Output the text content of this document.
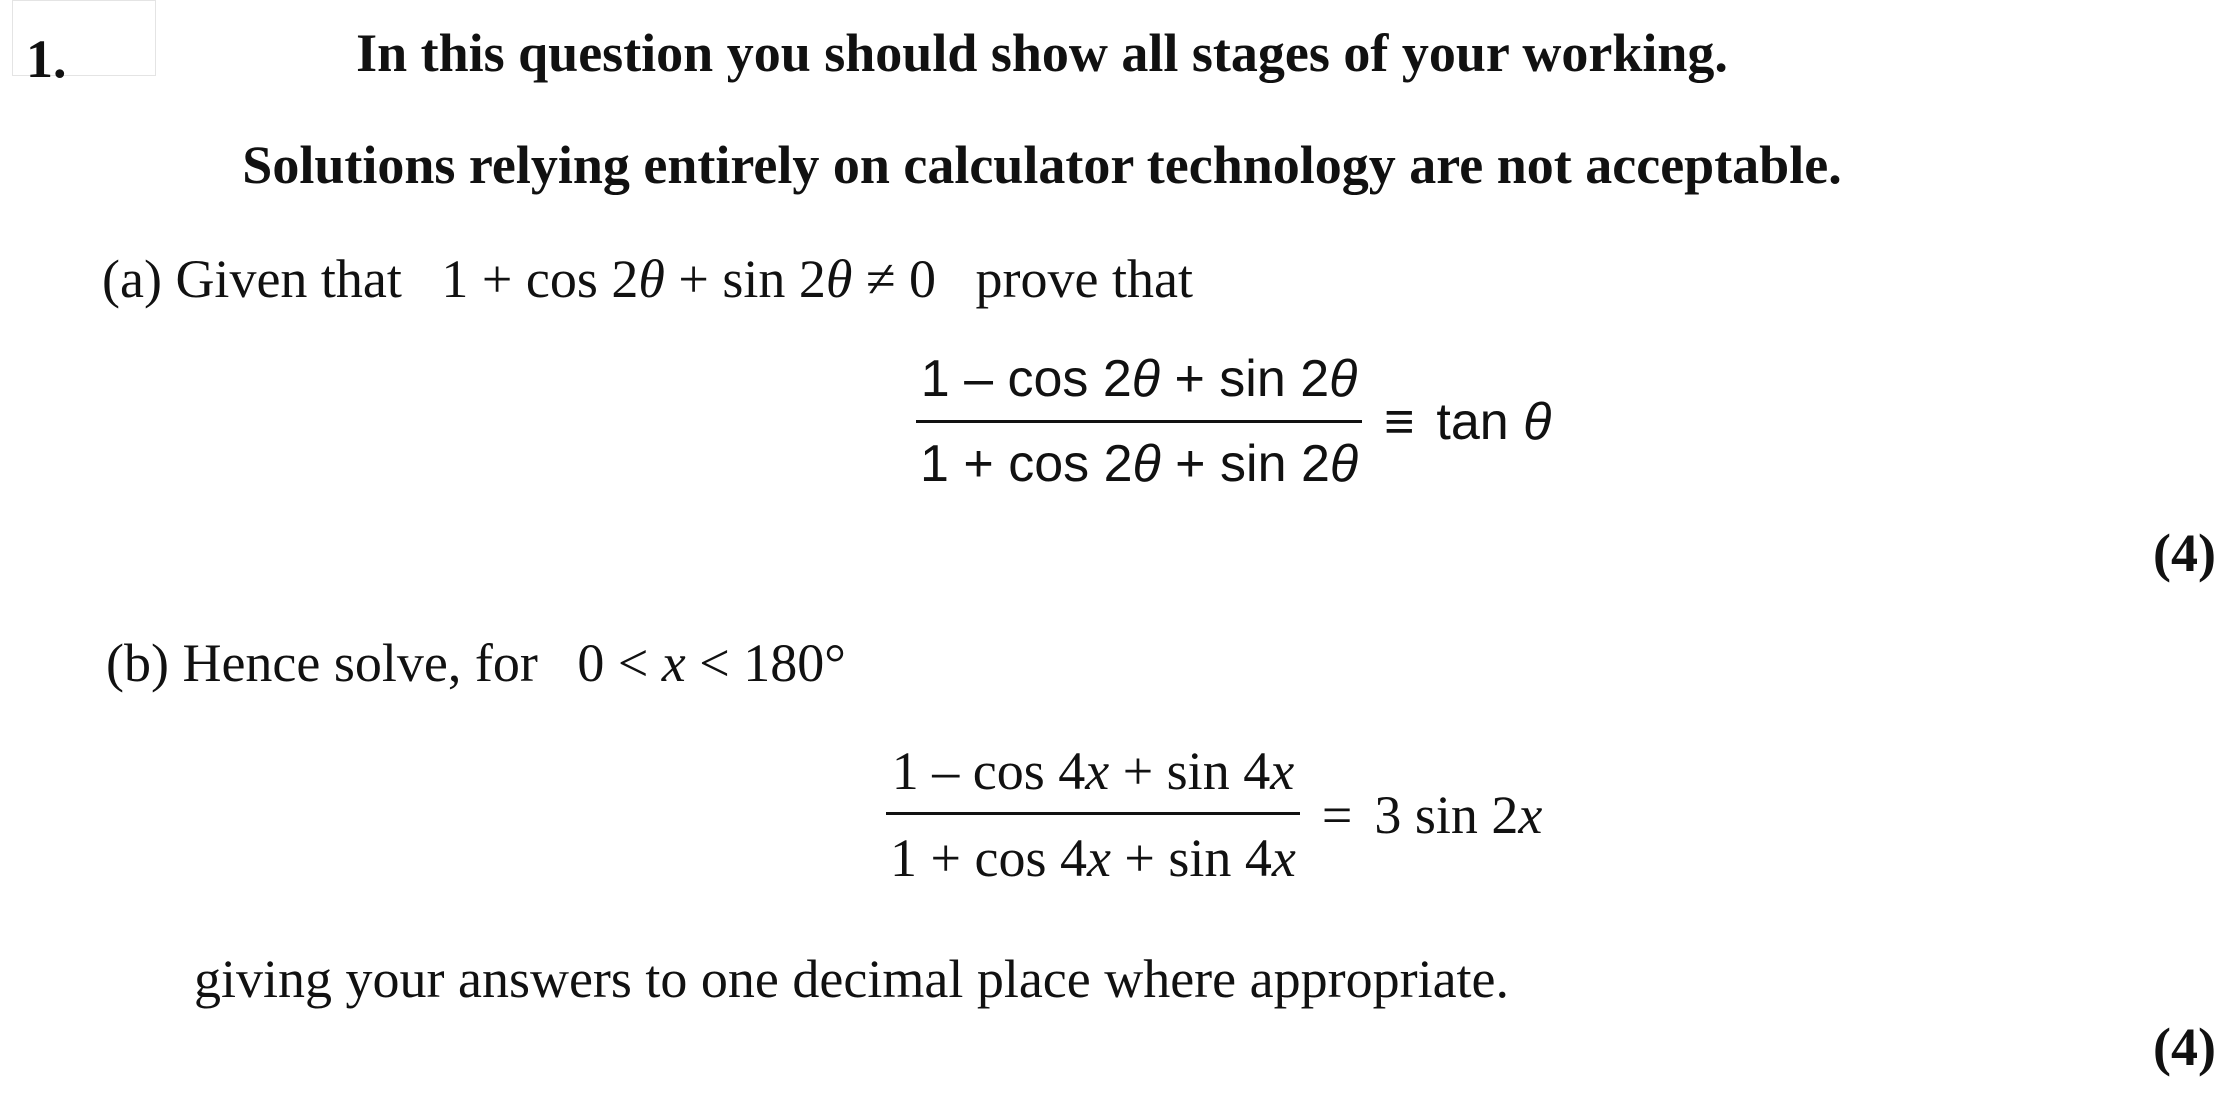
1.	In this question you should show all stages of your working.
Solutions relying entirely on calculator technology are not acceptable.
(a) Given that 1 + cos 2θ + sin 2θ ≠ 0 prove that
$\frac{1 - \cos 2\theta + \sin 2\theta}{1 + \cos 2\theta + \sin 2\theta} \equiv \tan \theta$
(4)
(b) Hence solve, for 0 < x < 180°
$\frac{1 - \cos 4x + \sin 4x}{1 + \cos 4x + \sin 4x} = 3$ sin 2x
giving your answers to one decimal place where appropriate.
(4)
